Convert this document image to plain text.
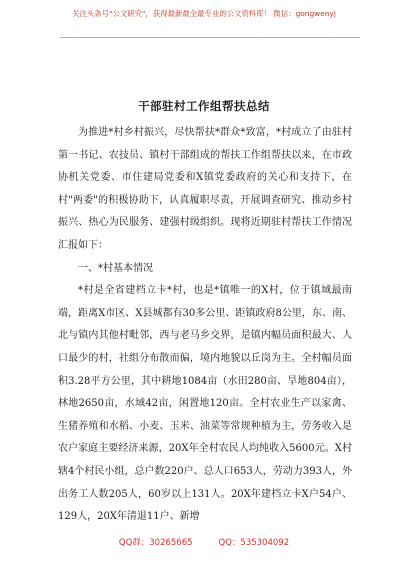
关注头条号"公文研究"，获得最新最全最专业的公文资料库！ 微信：gongwenyj
干部驻村工作组帮扶总结

为推进*村乡村振兴，尽快帮扶*群众*致富，*村成立了由驻村第一书记、农技员、镇村干部组成的帮扶工作组帮扶以来，在市政协机关党委、市住建局党委和X镇党委政府的关心和支持下，在村"两委"的积极协助下，认真履职尽责，开展调查研究、推动乡村振兴、热心为民服务、建强村级组织。现将近期驻村帮扶工作情况汇报如下：

一、*村基本情况

*村是全省建档立卡*村，也是*镇唯一的X村，位于镇域最南端，距离X市区、X县城都有30多公里、距镇政府8公里，东、南、北与镇内其他村毗邻，西与老马乡交界，是镇内幅员面积最大、人口最少的村，社组分布散而偏，境内地貌以丘岗为主。全村幅员面积3.28平方公里，其中耕地1084亩（水田280亩、旱地804亩），林地2650亩，水域42亩，闲置地120亩。全村农业生产以家禽、生猪养殖和水稻、小麦、玉米、油菜等常规种植为主，劳务收入是农户家庭主要经济来源，20X年全村农民人均纯收入5600元。X村辖4个村民小组，总户数220户、总人口653人，劳动力393人，外出务工人数205人，60岁以上131人。20X年建档立卡X户54户、129人，20X年清退11户、新增

QQ群：30265665	QQ：535304092
